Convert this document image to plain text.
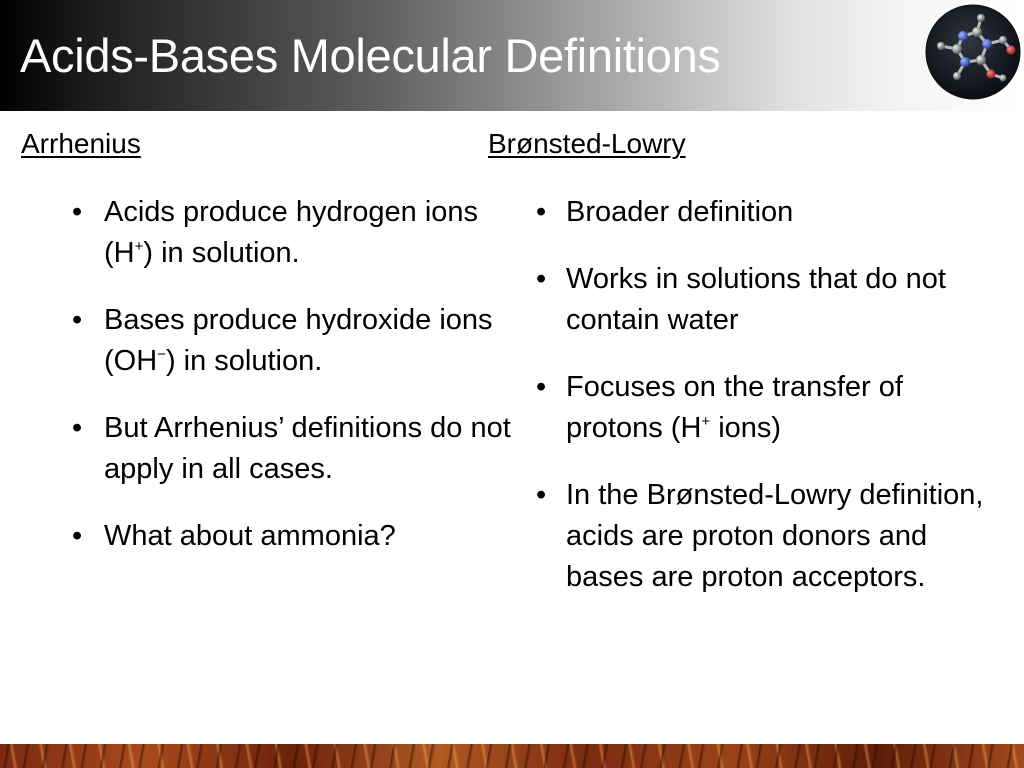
Acids-Bases Molecular Definitions
Arrhenius	Brønsted-Lowry
• Acids produce hydrogen ions (H+) in solution.
• Bases produce hydroxide ions (OH−) in solution.
• But Arrhenius’ definitions do not apply in all cases.
• What about ammonia?
• Broader definition
• Works in solutions that do not contain water
• Focuses on the transfer of protons (H+ ions)
• In the Brønsted-Lowry definition, acids are proton donors and bases are proton acceptors.
